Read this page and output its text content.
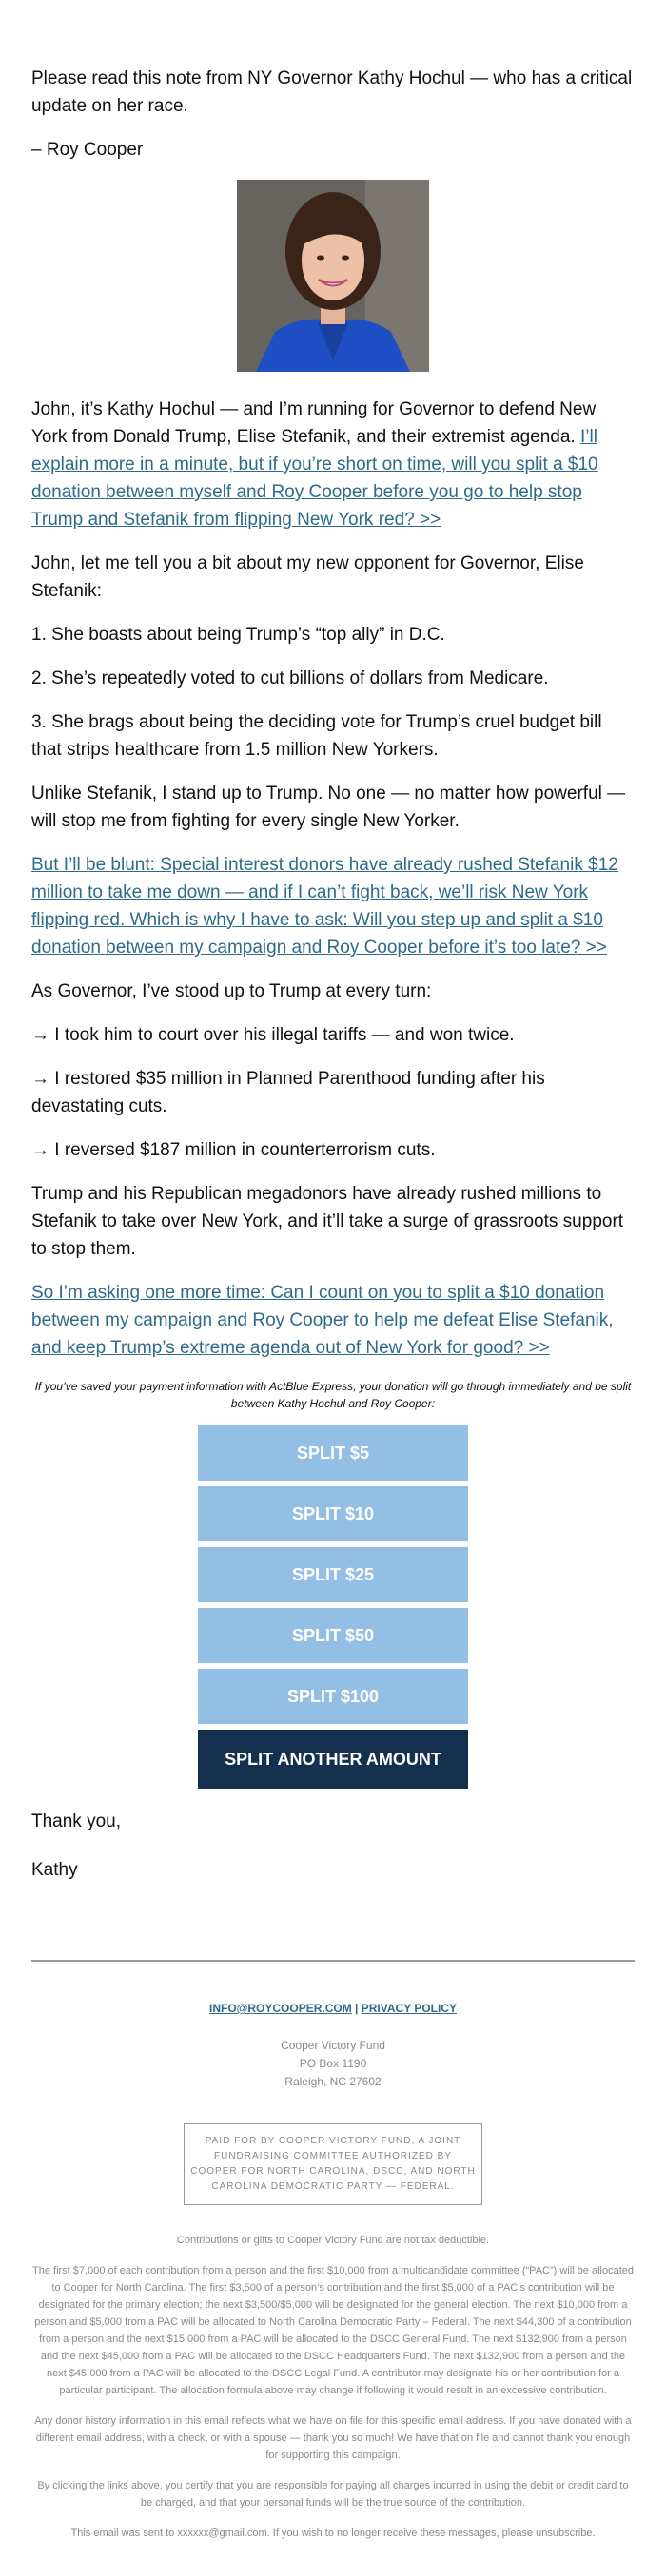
Please read this note from NY Governor Kathy Hochul — who has a critical update on her race.

– Roy Cooper

John, it’s Kathy Hochul — and I’m running for Governor to defend New York from Donald Trump, Elise Stefanik, and their extremist agenda. I’ll explain more in a minute, but if you’re short on time, will you split a $10 donation between myself and Roy Cooper before you go to help stop Trump and Stefanik from flipping New York red? >>

John, let me tell you a bit about my new opponent for Governor, Elise Stefanik:

1. She boasts about being Trump’s “top ally” in D.C.

2. She’s repeatedly voted to cut billions of dollars from Medicare.

3. She brags about being the deciding vote for Trump’s cruel budget bill that strips healthcare from 1.5 million New Yorkers.

Unlike Stefanik, I stand up to Trump. No one — no matter how powerful — will stop me from fighting for every single New Yorker.

But I’ll be blunt: Special interest donors have already rushed Stefanik $12 million to take me down — and if I can’t fight back, we’ll risk New York flipping red. Which is why I have to ask: Will you step up and split a $10 donation between my campaign and Roy Cooper before it’s too late? >>

As Governor, I’ve stood up to Trump at every turn:

→ I took him to court over his illegal tariffs — and won twice.

→ I restored $35 million in Planned Parenthood funding after his devastating cuts.

→ I reversed $187 million in counterterrorism cuts.

Trump and his Republican megadonors have already rushed millions to Stefanik to take over New York, and it’ll take a surge of grassroots support to stop them.

So I’m asking one more time: Can I count on you to split a $10 donation between my campaign and Roy Cooper to help me defeat Elise Stefanik, and keep Trump’s extreme agenda out of New York for good? >>

If you’ve saved your payment information with ActBlue Express, your donation will go through immediately and be split between Kathy Hochul and Roy Cooper:

SPLIT $5
SPLIT $10
SPLIT $25
SPLIT $50
SPLIT $100
SPLIT ANOTHER AMOUNT

Thank you,

Kathy

INFO@ROYCOOPER.COM | PRIVACY POLICY
Cooper Victory Fund
PO Box 1190
Raleigh, NC 27602
PAID FOR BY COOPER VICTORY FUND, A JOINT FUNDRAISING COMMITTEE AUTHORIZED BY COOPER FOR NORTH CAROLINA, DSCC, AND NORTH CAROLINA DEMOCRATIC PARTY — FEDERAL.

Contributions or gifts to Cooper Victory Fund are not tax deductible.

The first $7,000 of each contribution from a person and the first $10,000 from a multicandidate committee (“PAC”) will be allocated to Cooper for North Carolina. The first $3,500 of a person’s contribution and the first $5,000 of a PAC’s contribution will be designated for the primary election; the next $3,500/$5,000 will be designated for the general election. The next $10,000 from a person and $5,000 from a PAC will be allocated to North Carolina Democratic Party – Federal. The next $44,300 of a contribution from a person and the next $15,000 from a PAC will be allocated to the DSCC General Fund. The next $132,900 from a person and the next $45,000 from a PAC will be allocated to the DSCC Headquarters Fund. The next $132,900 from a person and the next $45,000 from a PAC will be allocated to the DSCC Legal Fund. A contributor may designate his or her contribution for a particular participant. The allocation formula above may change if following it would result in an excessive contribution.

Any donor history information in this email reflects what we have on file for this specific email address. If you have donated with a different email address, with a check, or with a spouse — thank you so much! We have that on file and cannot thank you enough for supporting this campaign.

By clicking the links above, you certify that you are responsible for paying all charges incurred in using the debit or credit card to be charged, and that your personal funds will be the true source of the contribution.

This email was sent to xxxxxx@gmail.com. If you wish to no longer receive these messages, please unsubscribe.
